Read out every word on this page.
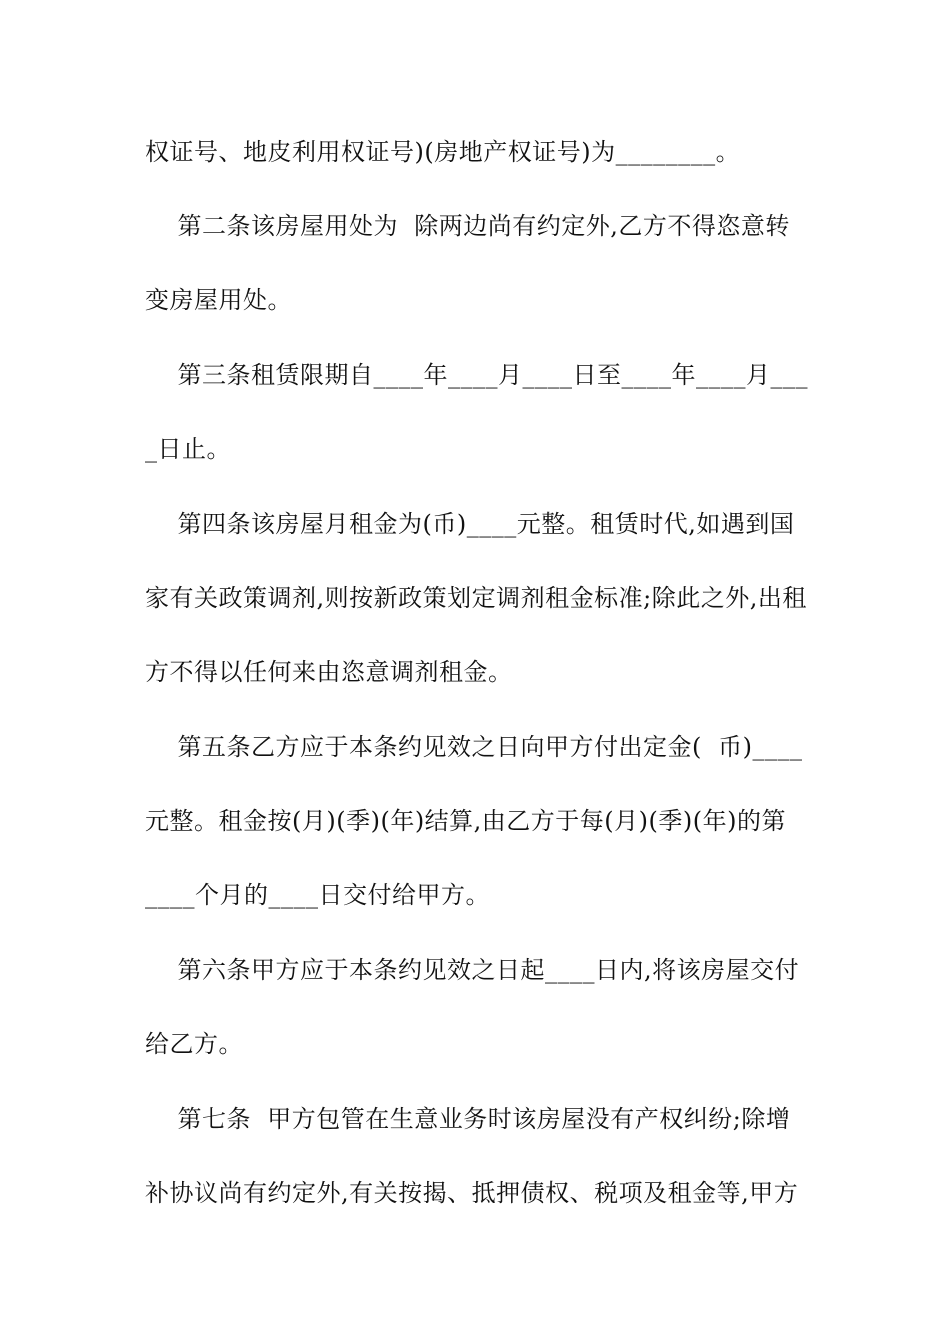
权证号、地皮利用权证号)(房地产权证号)为________。
第二条该房屋用处为  除两边尚有约定外,乙方不得恣意转
变房屋用处。
第三条租赁限期自____年____月____日至____年____月___
_日止。
第四条该房屋月租金为(币)____元整。租赁时代,如遇到国
家有关政策调剂,则按新政策划定调剂租金标准;除此之外,出租
方不得以任何来由恣意调剂租金。
第五条乙方应于本条约见效之日向甲方付出定金(  币)____
元整。租金按(月)(季)(年)结算,由乙方于每(月)(季)(年)的第
____个月的____日交付给甲方。
第六条甲方应于本条约见效之日起____日内,将该房屋交付
给乙方。
第七条  甲方包管在生意业务时该房屋没有产权纠纷;除增
补协议尚有约定外,有关按揭、抵押债权、税项及租金等,甲方
